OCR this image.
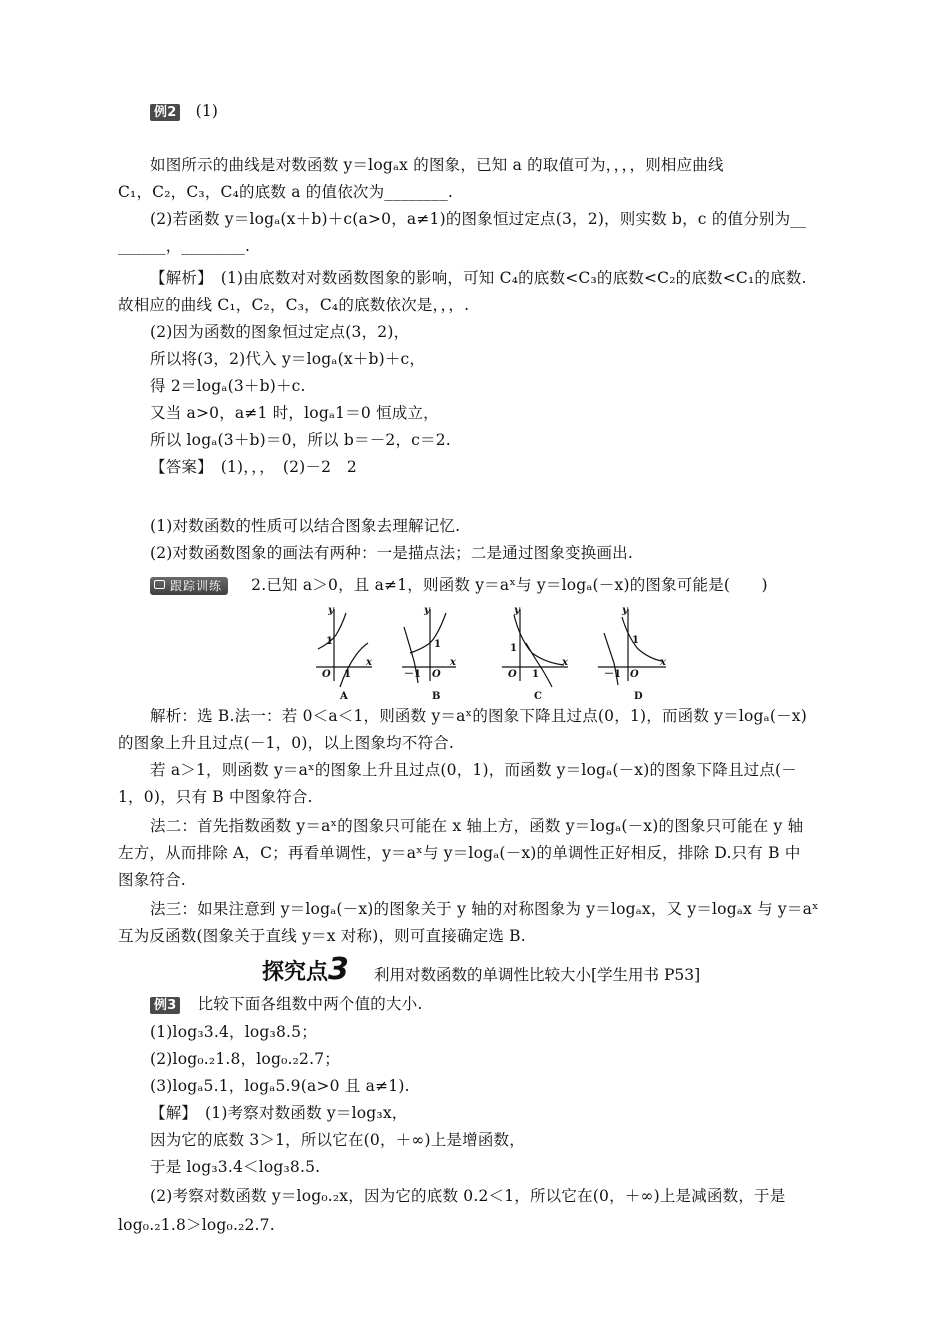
例2 (1)
如图所示的曲线是对数函数 y＝logₐx 的图象，已知 a 的取值可为，，，，则相应曲线
C₁，C₂，C₃，C₄的底数 a 的值依次为________.
(2)若函数 y＝logₐ(x＋b)＋c(a>0，a≠1)的图象恒过定点(3，2)，则实数 b，c 的值分别为__
______，________.
【解析】　(1)由底数对对数函数图象的影响，可知 C₄的底数<C₃的底数<C₂的底数<C₁的底数.
故相应的曲线 C₁，C₂，C₃，C₄的底数依次是，，，.
(2)因为函数的图象恒过定点(3，2)，
所以将(3，2)代入 y＝logₐ(x＋b)＋c，
得 2＝logₐ(3＋b)＋c.
又当 a>0，a≠1 时，logₐ1＝0 恒成立，
所以 logₐ(3＋b)＝0，所以 b＝－2，c＝2.
【答案】　(1)，，，　(2)－2　2
(1)对数函数的性质可以结合图象去理解记忆.
(2)对数函数图象的画法有两种：一是描点法；二是通过图象变换画出.
跟踪训练 2.已知 a＞0，且 a≠1，则函数 y＝aˣ与 y＝logₐ(－x)的图象可能是(　　)
y
1
O 1
x
A
y
1
－1 O
x
B
y
1
O 1
x
C
y
1
－1 O
x
D
解析：选 B.法一：若 0＜a＜1，则函数 y＝aˣ的图象下降且过点(0，1)，而函数 y＝logₐ(－x)
的图象上升且过点(－1，0)，以上图象均不符合.
若 a＞1，则函数 y＝aˣ的图象上升且过点(0，1)，而函数 y＝logₐ(－x)的图象下降且过点(－
1，0)，只有 B 中图象符合.
法二：首先指数函数 y＝aˣ的图象只可能在 x 轴上方，函数 y＝logₐ(－x)的图象只可能在 y 轴
左方，从而排除 A，C；再看单调性，y＝aˣ与 y＝logₐ(－x)的单调性正好相反，排除 D.只有 B 中
图象符合.
法三：如果注意到 y＝logₐ(－x)的图象关于 y 轴的对称图象为 y＝logₐx，又 y＝logₐx 与 y＝aˣ
互为反函数(图象关于直线 y＝x 对称)，则可直接确定选 B.
探究点3 利用对数函数的单调性比较大小[学生用书 P53]
例3 比较下面各组数中两个值的大小.
(1)log₃3.4，log₃8.5；
(2)log₀.₂1.8，log₀.₂2.7；
(3)logₐ5.1，logₐ5.9(a>0 且 a≠1).
【解】　(1)考察对数函数 y＝log₃x，
因为它的底数 3＞1，所以它在(0，＋∞)上是增函数，
于是 log₃3.4＜log₃8.5.
(2)考察对数函数 y＝log₀.₂x，因为它的底数 0.2＜1，所以它在(0，＋∞)上是减函数，于是
log₀.₂1.8＞log₀.₂2.7.
